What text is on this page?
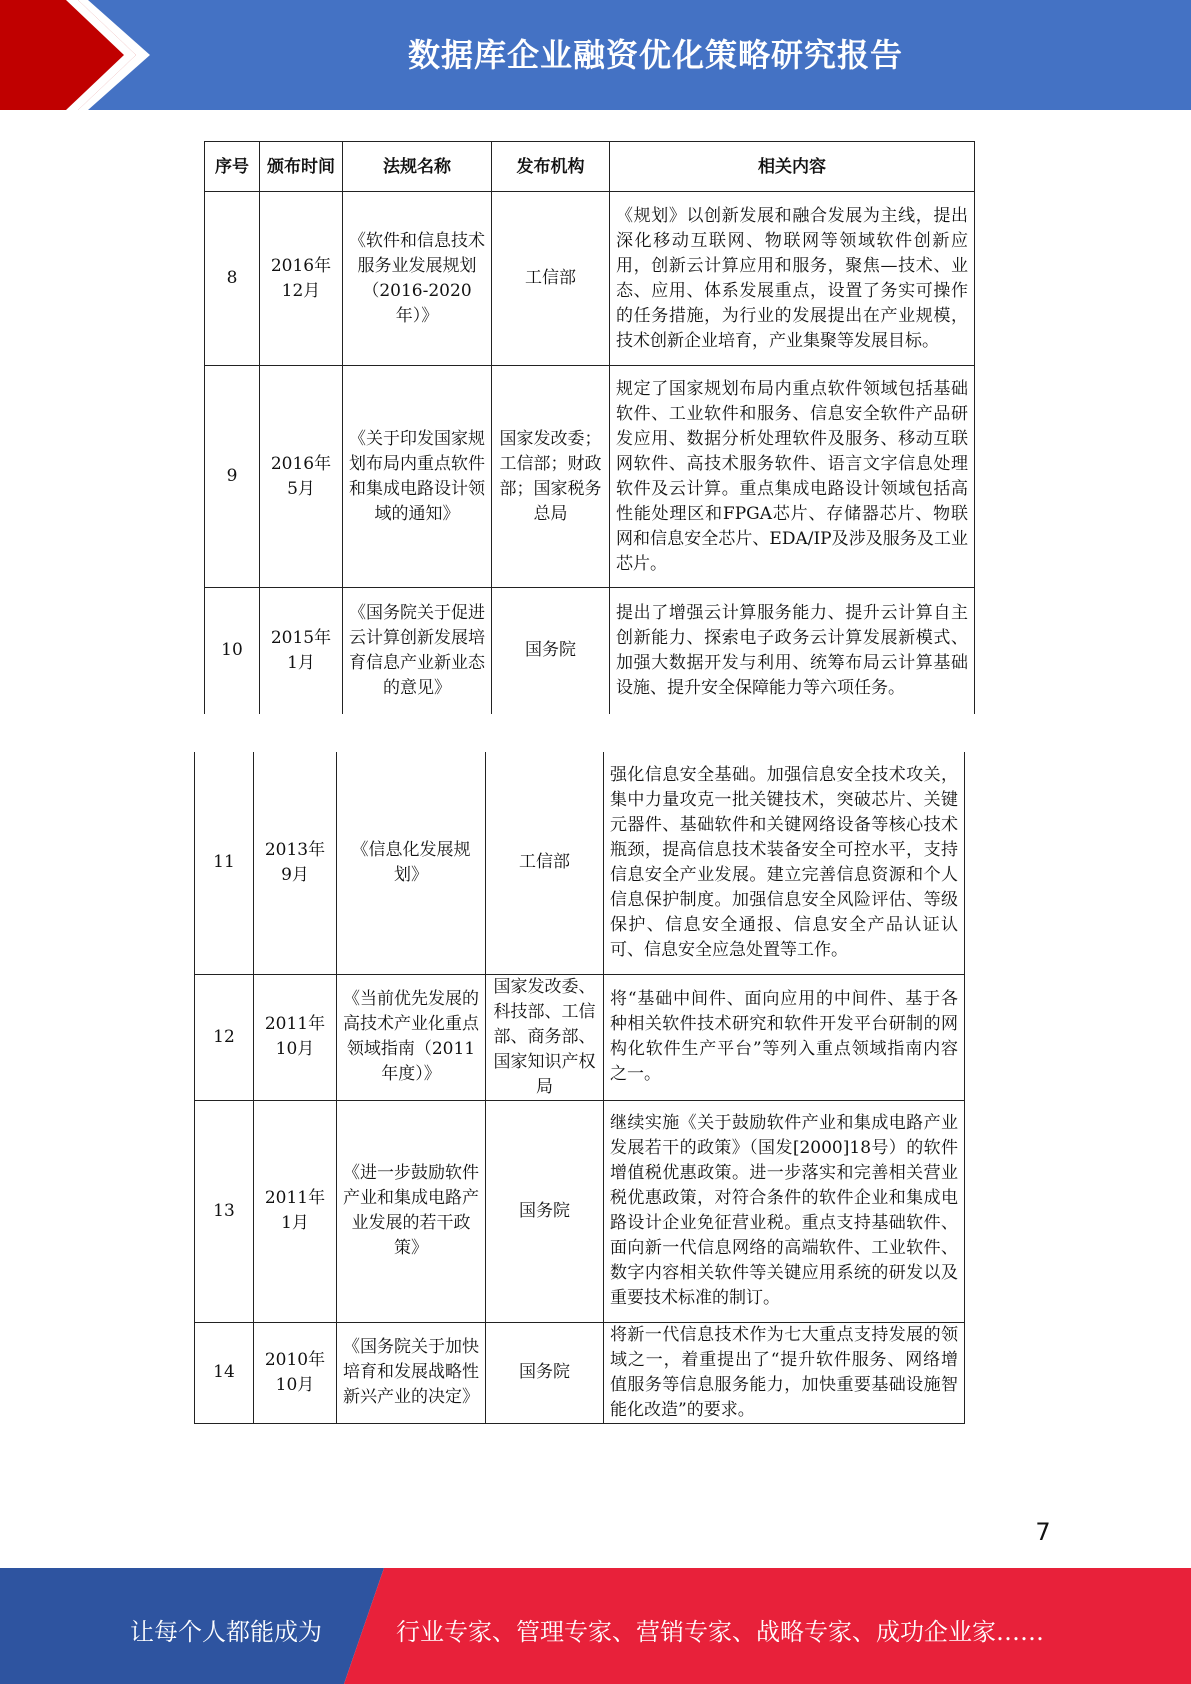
数据库企业融资优化策略研究报告
序号	颁布时间	法规名称	发布机构	相关内容
8	2016年12月	《软件和信息技术服务业发展规划（2016-2020年）》	工信部	《规划》以创新发展和融合发展为主线，提出深化移动互联网、物联网等领域软件创新应用，创新云计算应用和服务，聚焦—技术、业态、应用、体系发展重点，设置了务实可操作的任务措施，为行业的发展提出在产业规模，技术创新企业培育，产业集聚等发展目标。
9	2016年5月	《关于印发国家规划布局内重点软件和集成电路设计领域的通知》	国家发改委；工信部；财政部；国家税务总局	规定了国家规划布局内重点软件领域包括基础软件、工业软件和服务、信息安全软件产品研发应用、数据分析处理软件及服务、移动互联网软件、高技术服务软件、语言文字信息处理软件及云计算。重点集成电路设计领域包括高性能处理区和FPGA芯片、存储器芯片、物联网和信息安全芯片、EDA/IP及涉及服务及工业芯片。
10	2015年1月	《国务院关于促进云计算创新发展培育信息产业新业态的意见》	国务院	提出了增强云计算服务能力、提升云计算自主创新能力、探索电子政务云计算发展新模式、加强大数据开发与利用、统筹布局云计算基础设施、提升安全保障能力等六项任务。
11	2013年9月	《信息化发展规划》	工信部	强化信息安全基础。加强信息安全技术攻关，集中力量攻克一批关键技术，突破芯片、关键元器件、基础软件和关键网络设备等核心技术瓶颈，提高信息技术装备安全可控水平，支持信息安全产业发展。建立完善信息资源和个人信息保护制度。加强信息安全风险评估、等级保护、信息安全通报、信息安全产品认证认可、信息安全应急处置等工作。
12	2011年10月	《当前优先发展的高技术产业化重点领域指南（2011年度）》	国家发改委、科技部、工信部、商务部、国家知识产权局	将“基础中间件、面向应用的中间件、基于各种相关软件技术研究和软件开发平台研制的网构化软件生产平台”等列入重点领域指南内容之一。
13	2011年1月	《进一步鼓励软件产业和集成电路产业发展的若干政策》	国务院	继续实施《关于鼓励软件产业和集成电路产业发展若干的政策》（国发[2000]18号）的软件增值税优惠政策。进一步落实和完善相关营业税优惠政策，对符合条件的软件企业和集成电路设计企业免征营业税。重点支持基础软件、面向新一代信息网络的高端软件、工业软件、数字内容相关软件等关键应用系统的研发以及重要技术标准的制订。
14	2010年10月	《国务院关于加快培育和发展战略性新兴产业的决定》	国务院	将新一代信息技术作为七大重点支持发展的领域之一，着重提出了“提升软件服务、网络增值服务等信息服务能力，加快重要基础设施智能化改造”的要求。
7
让每个人都能成为	行业专家、管理专家、营销专家、战略专家、成功企业家……
